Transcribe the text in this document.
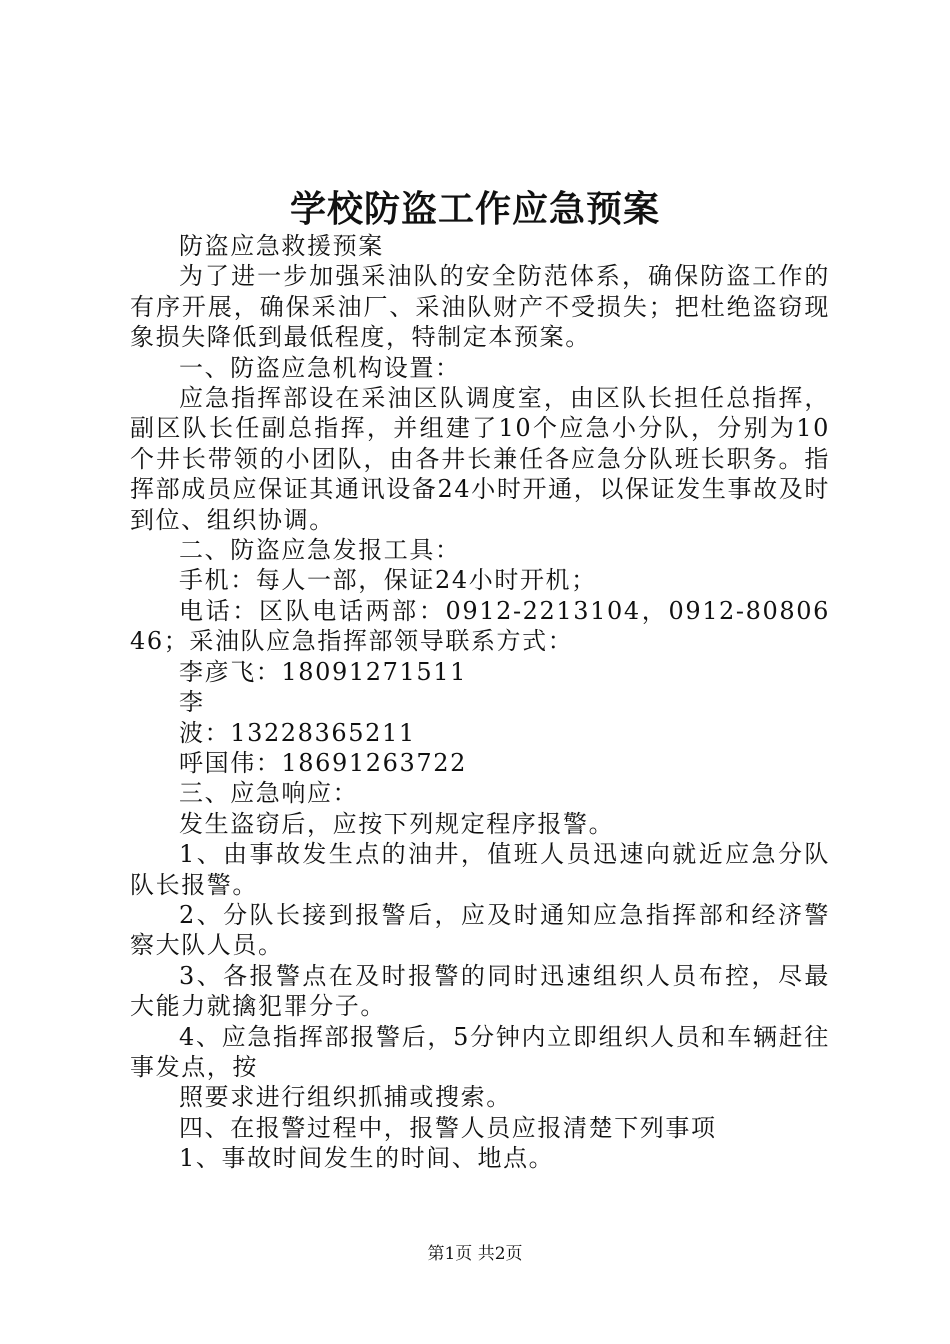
学校防盗工作应急预案

防盗应急救援预案

为了进一步加强采油队的安全防范体系，确保防盗工作的有序开展，确保采油厂、采油队财产不受损失；把杜绝盗窃现象损失降低到最低程度，特制定本预案。

一、防盗应急机构设置：

应急指挥部设在采油区队调度室，由区队长担任总指挥，副区队长任副总指挥，并组建了10个应急小分队，分别为10个井长带领的小团队，由各井长兼任各应急分队班长职务。指挥部成员应保证其通讯设备24小时开通，以保证发生事故及时到位、组织协调。

二、防盗应急发报工具：

手机：每人一部，保证24小时开机；

电话：区队电话两部：0912-2213104，0912-8080646；采油队应急指挥部领导联系方式：

李彦飞：18091271511

李

波：13228365211

呼国伟：18691263722

三、应急响应：

发生盗窃后，应按下列规定程序报警。

1、由事故发生点的油井，值班人员迅速向就近应急分队队长报警。

2、分队长接到报警后，应及时通知应急指挥部和经济警察大队人员。

3、各报警点在及时报警的同时迅速组织人员布控，尽最大能力就擒犯罪分子。

4、应急指挥部报警后，5分钟内立即组织人员和车辆赶往事发点，按

照要求进行组织抓捕或搜索。

四、在报警过程中，报警人员应报清楚下列事项

1、事故时间发生的时间、地点。

第1页 共2页
